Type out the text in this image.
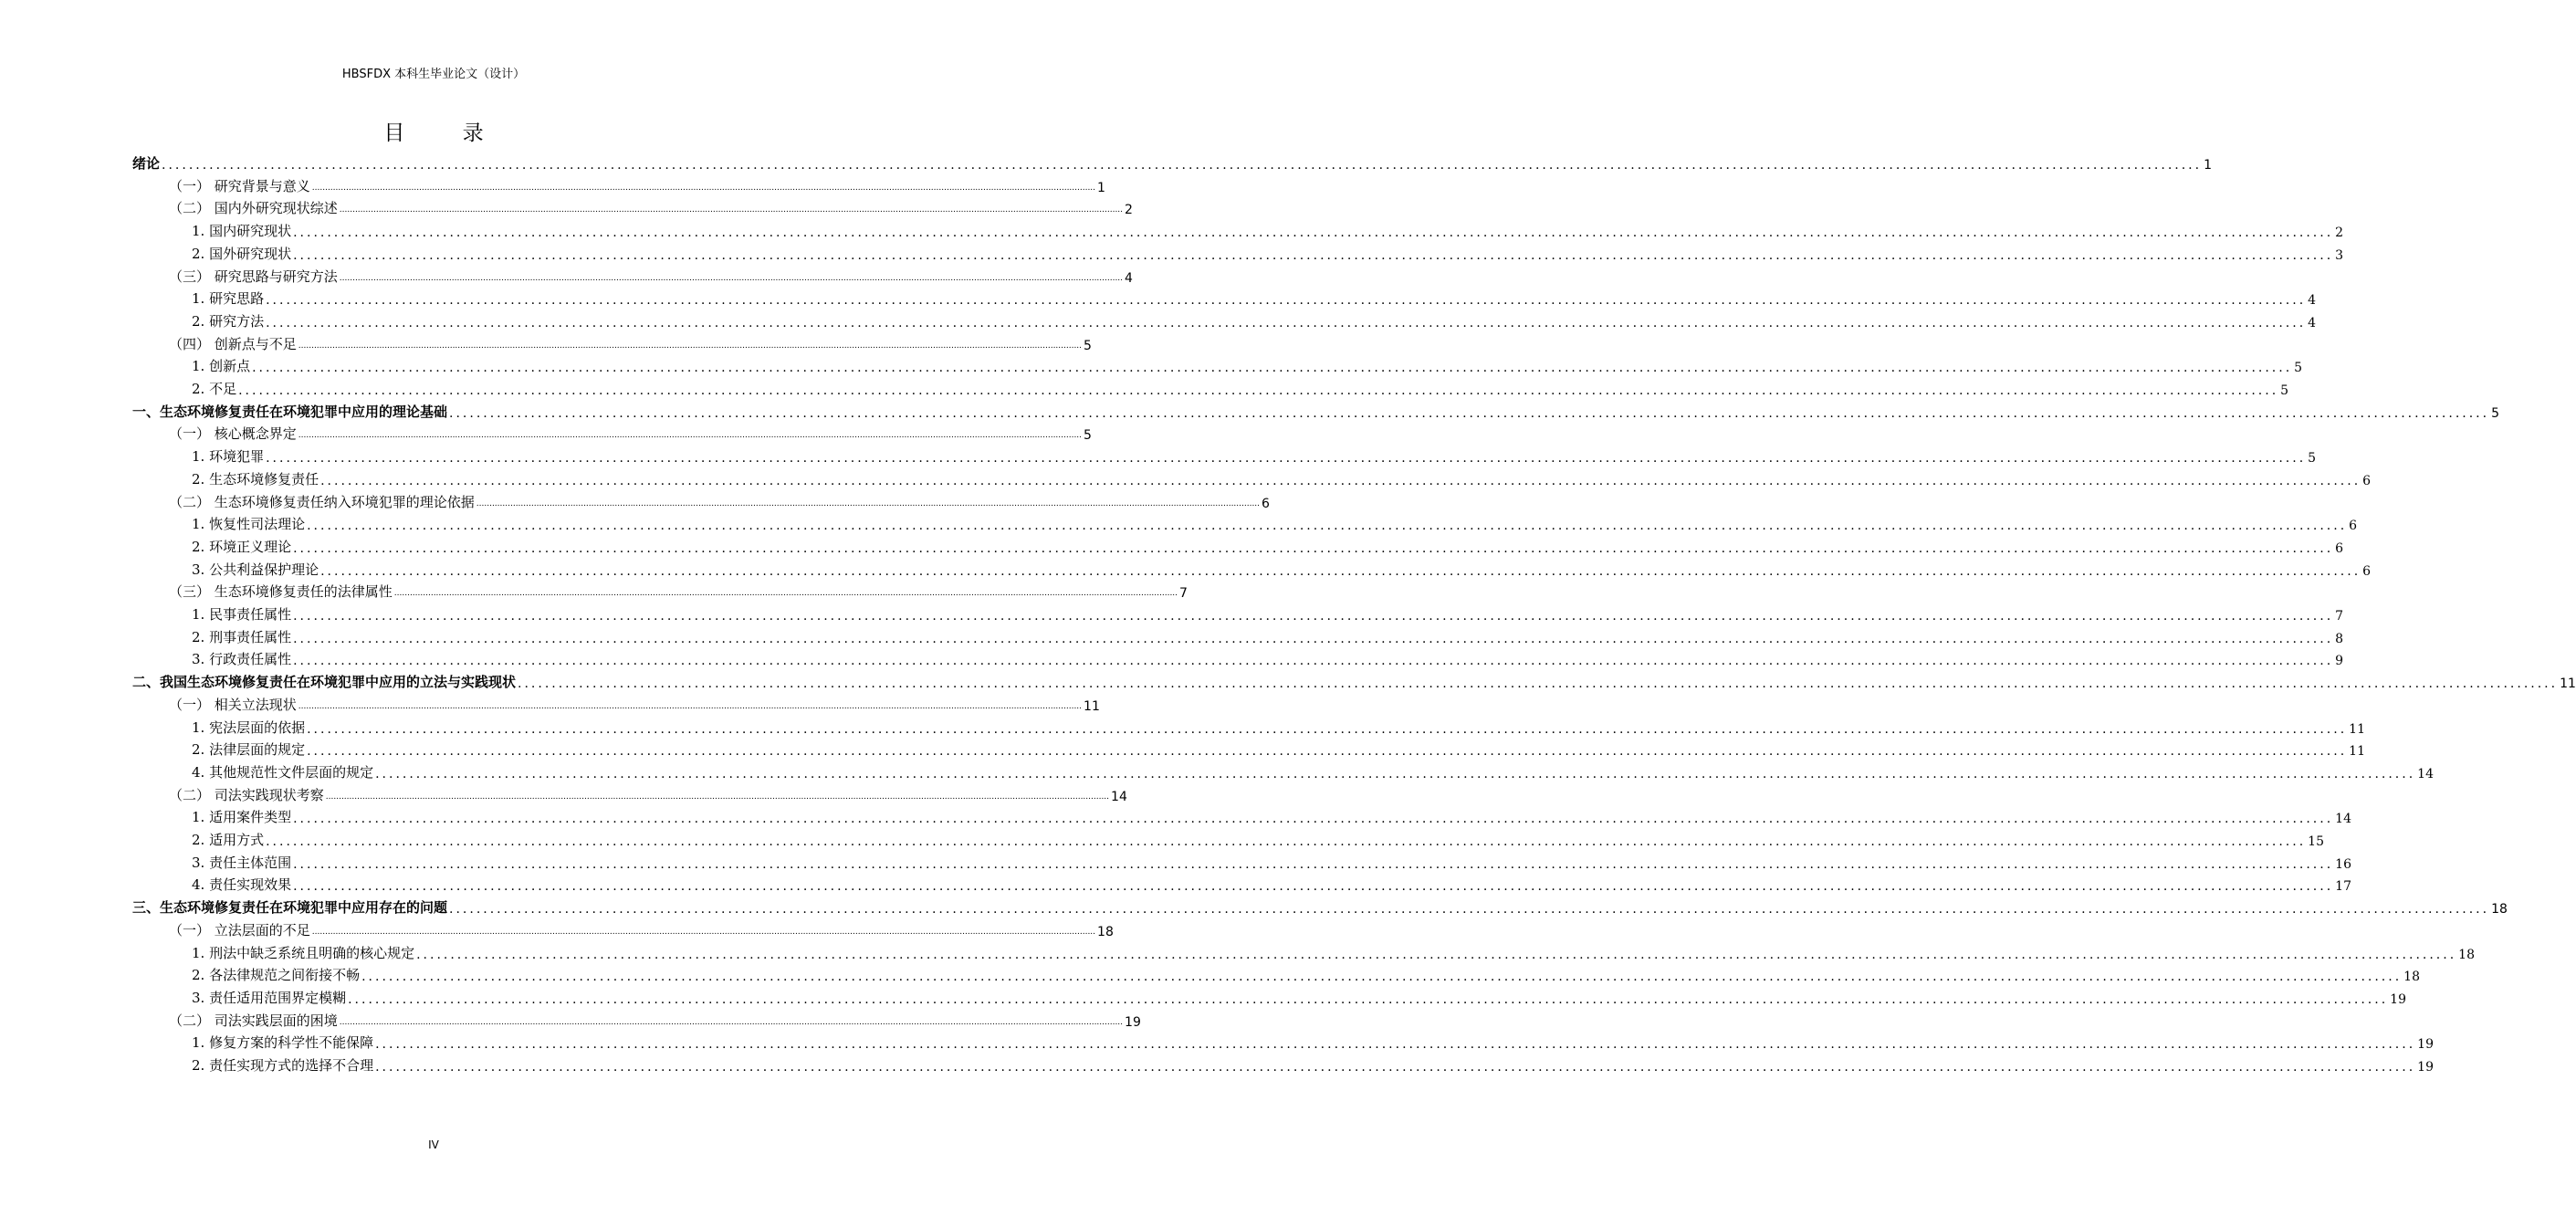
HBSFDX 本科生毕业论文（设计）
目 录
绪论 ............................................................................................................................................................................................................................................................................................................ 1
（一） 研究背景与意义 ............................................................................................................................................................................................................................................................................................................ 1
（二） 国内外研究现状综述 ............................................................................................................................................................................................................................................................................................................ 2
1. 国内研究现状 ............................................................................................................................................................................................................................................................................................................ 2
2. 国外研究现状 ............................................................................................................................................................................................................................................................................................................ 3
（三） 研究思路与研究方法 ............................................................................................................................................................................................................................................................................................................ 4
1. 研究思路 ............................................................................................................................................................................................................................................................................................................ 4
2. 研究方法 ............................................................................................................................................................................................................................................................................................................ 4
（四） 创新点与不足 ............................................................................................................................................................................................................................................................................................................ 5
1. 创新点 ............................................................................................................................................................................................................................................................................................................ 5
2. 不足 ............................................................................................................................................................................................................................................................................................................ 5
一、生态环境修复责任在环境犯罪中应用的理论基础 ............................................................................................................................................................................................................................................................................................................ 5
（一） 核心概念界定 ............................................................................................................................................................................................................................................................................................................ 5
1. 环境犯罪 ............................................................................................................................................................................................................................................................................................................ 5
2. 生态环境修复责任 ............................................................................................................................................................................................................................................................................................................ 6
（二） 生态环境修复责任纳入环境犯罪的理论依据 ............................................................................................................................................................................................................................................................................................................ 6
1. 恢复性司法理论 ............................................................................................................................................................................................................................................................................................................ 6
2. 环境正义理论 ............................................................................................................................................................................................................................................................................................................ 6
3. 公共利益保护理论 ............................................................................................................................................................................................................................................................................................................ 6
（三） 生态环境修复责任的法律属性 ............................................................................................................................................................................................................................................................................................................ 7
1. 民事责任属性 ............................................................................................................................................................................................................................................................................................................ 7
2. 刑事责任属性 ............................................................................................................................................................................................................................................................................................................ 8
3. 行政责任属性 ............................................................................................................................................................................................................................................................................................................ 9
二、我国生态环境修复责任在环境犯罪中应用的立法与实践现状 ............................................................................................................................................................................................................................................................................................................ 11
（一） 相关立法现状 ............................................................................................................................................................................................................................................................................................................ 11
1. 宪法层面的依据 ............................................................................................................................................................................................................................................................................................................ 11
2. 法律层面的规定 ............................................................................................................................................................................................................................................................................................................ 11
4. 其他规范性文件层面的规定 ............................................................................................................................................................................................................................................................................................................ 14
（二） 司法实践现状考察 ............................................................................................................................................................................................................................................................................................................ 14
1. 适用案件类型 ............................................................................................................................................................................................................................................................................................................ 14
2. 适用方式 ............................................................................................................................................................................................................................................................................................................ 15
3. 责任主体范围 ............................................................................................................................................................................................................................................................................................................ 16
4. 责任实现效果 ............................................................................................................................................................................................................................................................................................................ 17
三、生态环境修复责任在环境犯罪中应用存在的问题 ............................................................................................................................................................................................................................................................................................................ 18
（一） 立法层面的不足 ............................................................................................................................................................................................................................................................................................................ 18
1. 刑法中缺乏系统且明确的核心规定 ............................................................................................................................................................................................................................................................................................................ 18
2. 各法律规范之间衔接不畅 ............................................................................................................................................................................................................................................................................................................ 18
3. 责任适用范围界定模糊 ............................................................................................................................................................................................................................................................................................................ 19
（二） 司法实践层面的困境 ............................................................................................................................................................................................................................................................................................................ 19
1. 修复方案的科学性不能保障 ............................................................................................................................................................................................................................................................................................................ 19
2. 责任实现方式的选择不合理 ............................................................................................................................................................................................................................................................................................................ 19
IV
